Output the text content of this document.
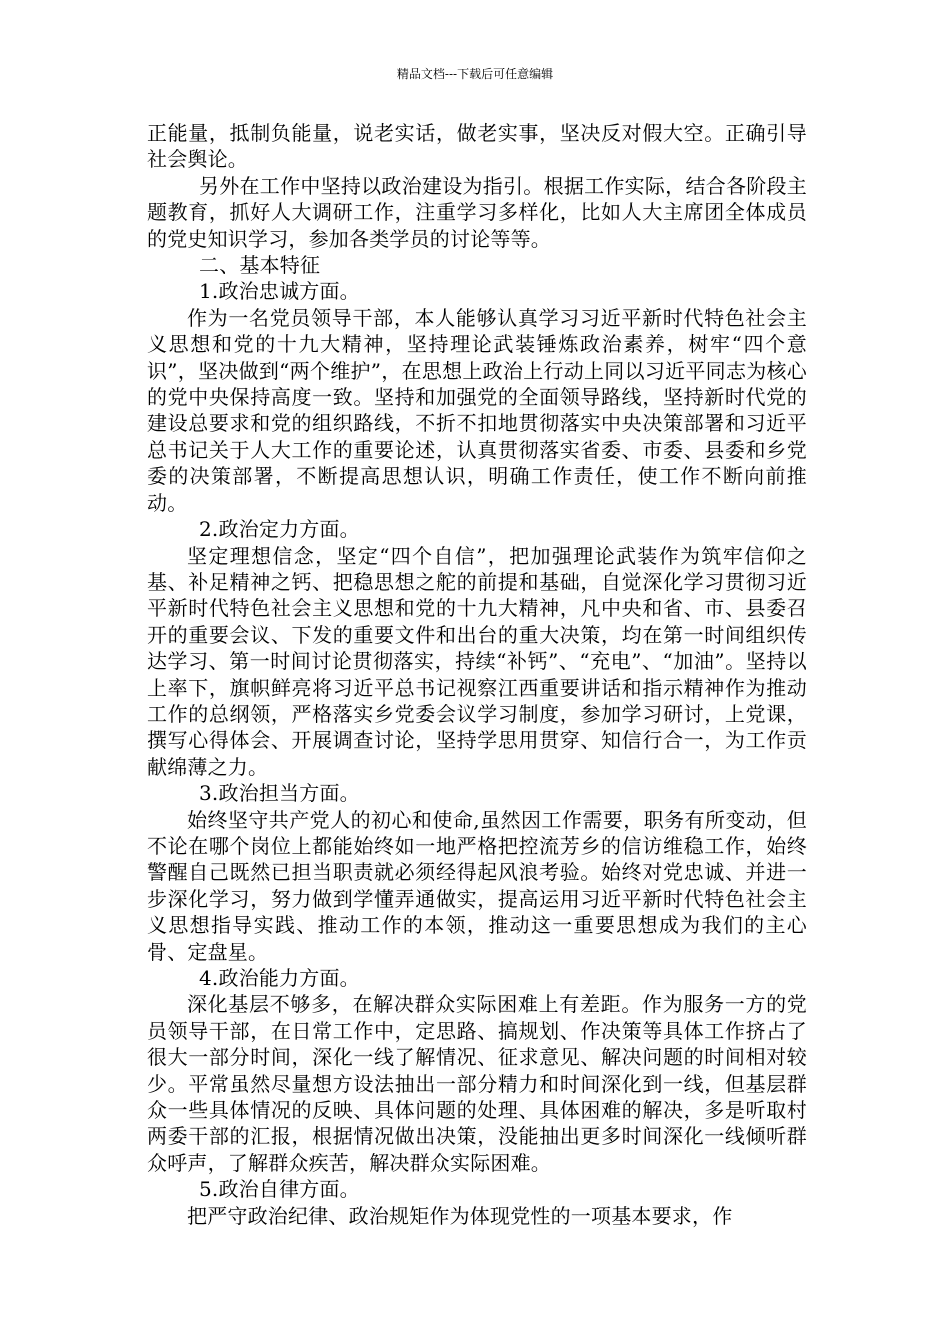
精品文档---下载后可任意编辑

正能量，抵制负能量，说老实话，做老实事，坚决反对假大空。正确引导社会舆论。

另外在工作中坚持以政治建设为指引。根据工作实际，结合各阶段主题教育，抓好人大调研工作，注重学习多样化，比如人大主席团全体成员的党史知识学习，参加各类学员的讨论等等。

二、基本特征

1.政治忠诚方面。

作为一名党员领导干部，本人能够认真学习习近平新时代特色社会主义思想和党的十九大精神，坚持理论武装锤炼政治素养，树牢“四个意识”，坚决做到“两个维护”，在思想上政治上行动上同以习近平同志为核心的党中央保持高度一致。坚持和加强党的全面领导路线，坚持新时代党的建设总要求和党的组织路线，不折不扣地贯彻落实中央决策部署和习近平总书记关于人大工作的重要论述，认真贯彻落实省委、市委、县委和乡党委的决策部署，不断提高思想认识，明确工作责任，使工作不断向前推动。

2.政治定力方面。

坚定理想信念，坚定“四个自信”，把加强理论武装作为筑牢信仰之基、补足精神之钙、把稳思想之舵的前提和基础，自觉深化学习贯彻习近平新时代特色社会主义思想和党的十九大精神，凡中央和省、市、县委召开的重要会议、下发的重要文件和出台的重大决策，均在第一时间组织传达学习、第一时间讨论贯彻落实，持续“补钙”、“充电”、“加油”。坚持以上率下，旗帜鲜亮将习近平总书记视察江西重要讲话和指示精神作为推动工作的总纲领，严格落实乡党委会议学习制度，参加学习研讨，上党课，撰写心得体会、开展调查讨论，坚持学思用贯穿、知信行合一，为工作贡献绵薄之力。

3.政治担当方面。

始终坚守共产党人的初心和使命,虽然因工作需要，职务有所变动，但不论在哪个岗位上都能始终如一地严格把控流芳乡的信访维稳工作，始终警醒自己既然已担当职责就必须经得起风浪考验。始终对党忠诚、并进一步深化学习，努力做到学懂弄通做实，提高运用习近平新时代特色社会主义思想指导实践、推动工作的本领，推动这一重要思想成为我们的主心骨、定盘星。

4.政治能力方面。

深化基层不够多，在解决群众实际困难上有差距。作为服务一方的党员领导干部，在日常工作中，定思路、搞规划、作决策等具体工作挤占了很大一部分时间，深化一线了解情况、征求意见、解决问题的时间相对较少。平常虽然尽量想方设法抽出一部分精力和时间深化到一线，但基层群众一些具体情况的反映、具体问题的处理、具体困难的解决，多是听取村两委干部的汇报，根据情况做出决策，没能抽出更多时间深化一线倾听群众呼声，了解群众疾苦，解决群众实际困难。

5.政治自律方面。

把严守政治纪律、政治规矩作为体现党性的一项基本要求，作
